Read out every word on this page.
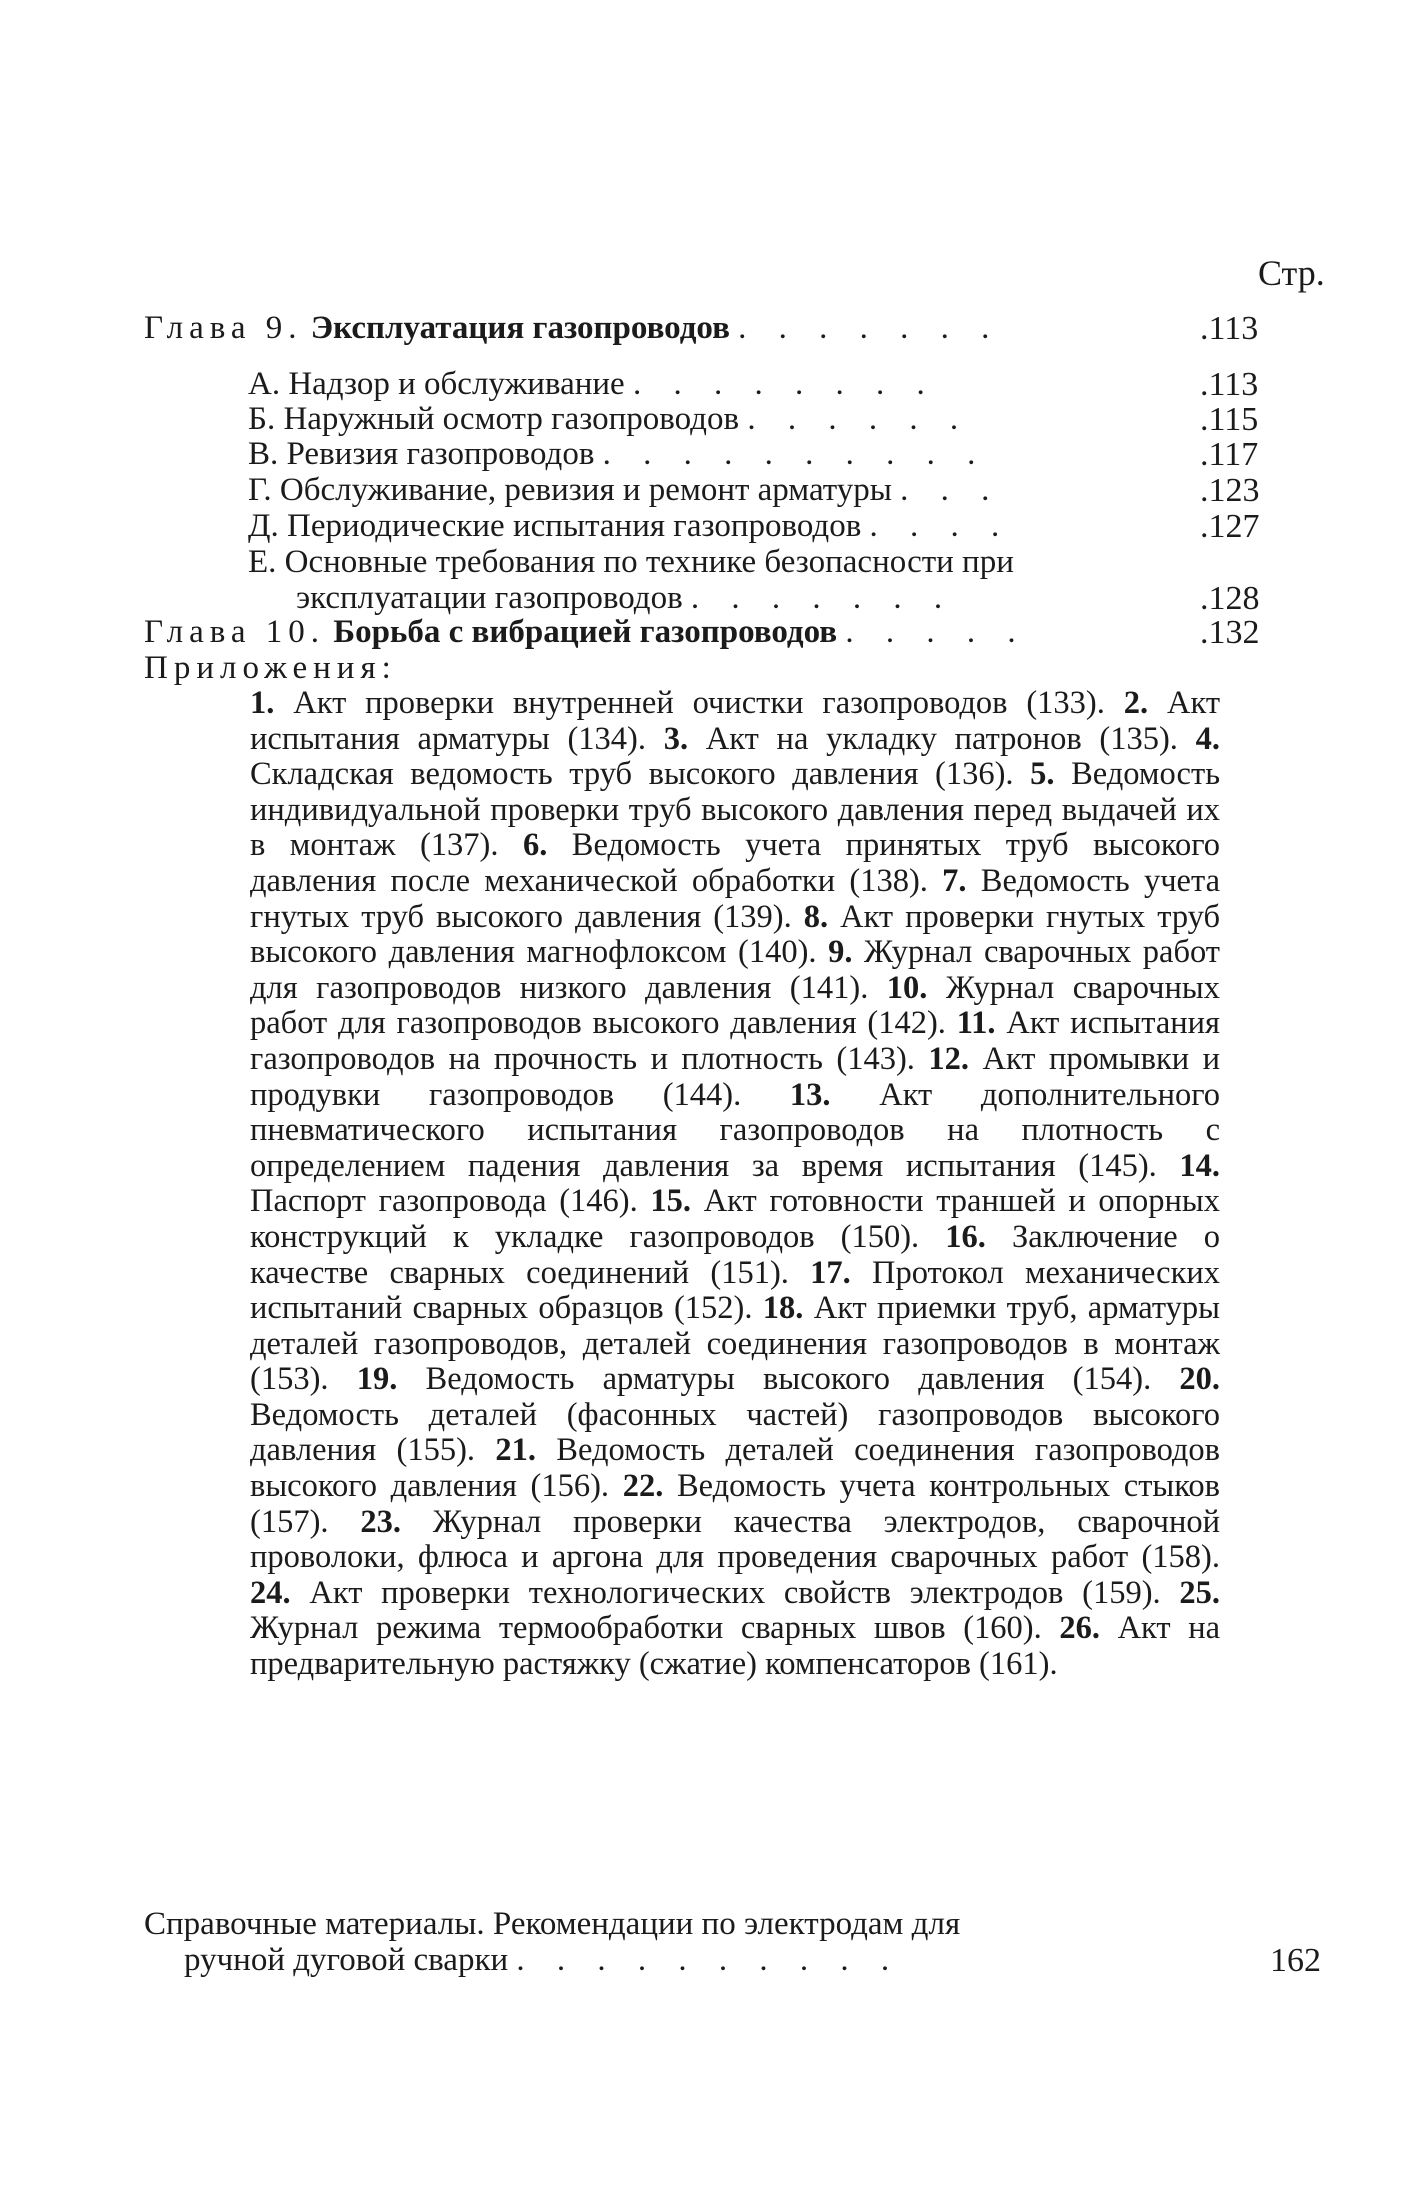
Стр.
Глава 9. Эксплуатация газопроводов . . . . . . .	.113
А. Надзор и обслуживание . . . . . . . .	.113
Б. Наружный осмотр газопроводов . . . . . .	.115
В. Ревизия газопроводов . . . . . . . . . .	.117
Г. Обслуживание, ревизия и ремонт арматуры . . .	.123
Д. Периодические испытания газопроводов . . . .	.127
Е. Основные требования по технике безопасности при
эксплуатации газопроводов . . . . . . .	.128
Глава 10. Борьба с вибрацией газопроводов . . . . .	.132
Приложения:
1. Акт проверки внутренней очистки газопроводов (133). 2. Акт испытания арматуры (134). 3. Акт на укладку патронов (135). 4. Складская ведомость труб высокого давления (136). 5. Ведомость индивидуальной проверки труб высокого давления перед выдачей их в монтаж (137). 6. Ведомость учета принятых труб высокого давления после механической обработки (138). 7. Ведомость учета гнутых труб высокого давления (139). 8. Акт проверки гнутых труб высокого давления магнофлоксом (140). 9. Журнал сварочных работ для газопроводов низкого давления (141). 10. Журнал сварочных работ для газопроводов высокого давления (142). 11. Акт испытания газопроводов на прочность и плотность (143). 12. Акт промывки и продувки газопроводов (144). 13. Акт дополнительного пневматического испытания газопроводов на плотность с определением падения давления за время испытания (145). 14. Паспорт газопровода (146). 15. Акт готовности траншей и опорных конструкций к укладке газопроводов (150). 16. Заключение о качестве сварных соединений (151). 17. Протокол механических испытаний сварных образцов (152). 18. Акт приемки труб, арматуры деталей газопроводов, деталей соединения газопроводов в монтаж (153). 19. Ведомость арматуры высокого давления (154). 20. Ведомость деталей (фасонных частей) газопроводов высокого давления (155). 21. Ведомость деталей соединения газопроводов высокого давления (156). 22. Ведомость учета контрольных стыков (157). 23. Журнал проверки качества электродов, сварочной проволоки, флюса и аргона для проведения сварочных работ (158). 24. Акт проверки технологических свойств электродов (159). 25. Журнал режима термообработки сварных швов (160). 26. Акт на предварительную растяжку (сжатие) компенсаторов (161).
Справочные материалы. Рекомендации по электродам для
ручной дуговой сварки . . . . . . . . . .	162
